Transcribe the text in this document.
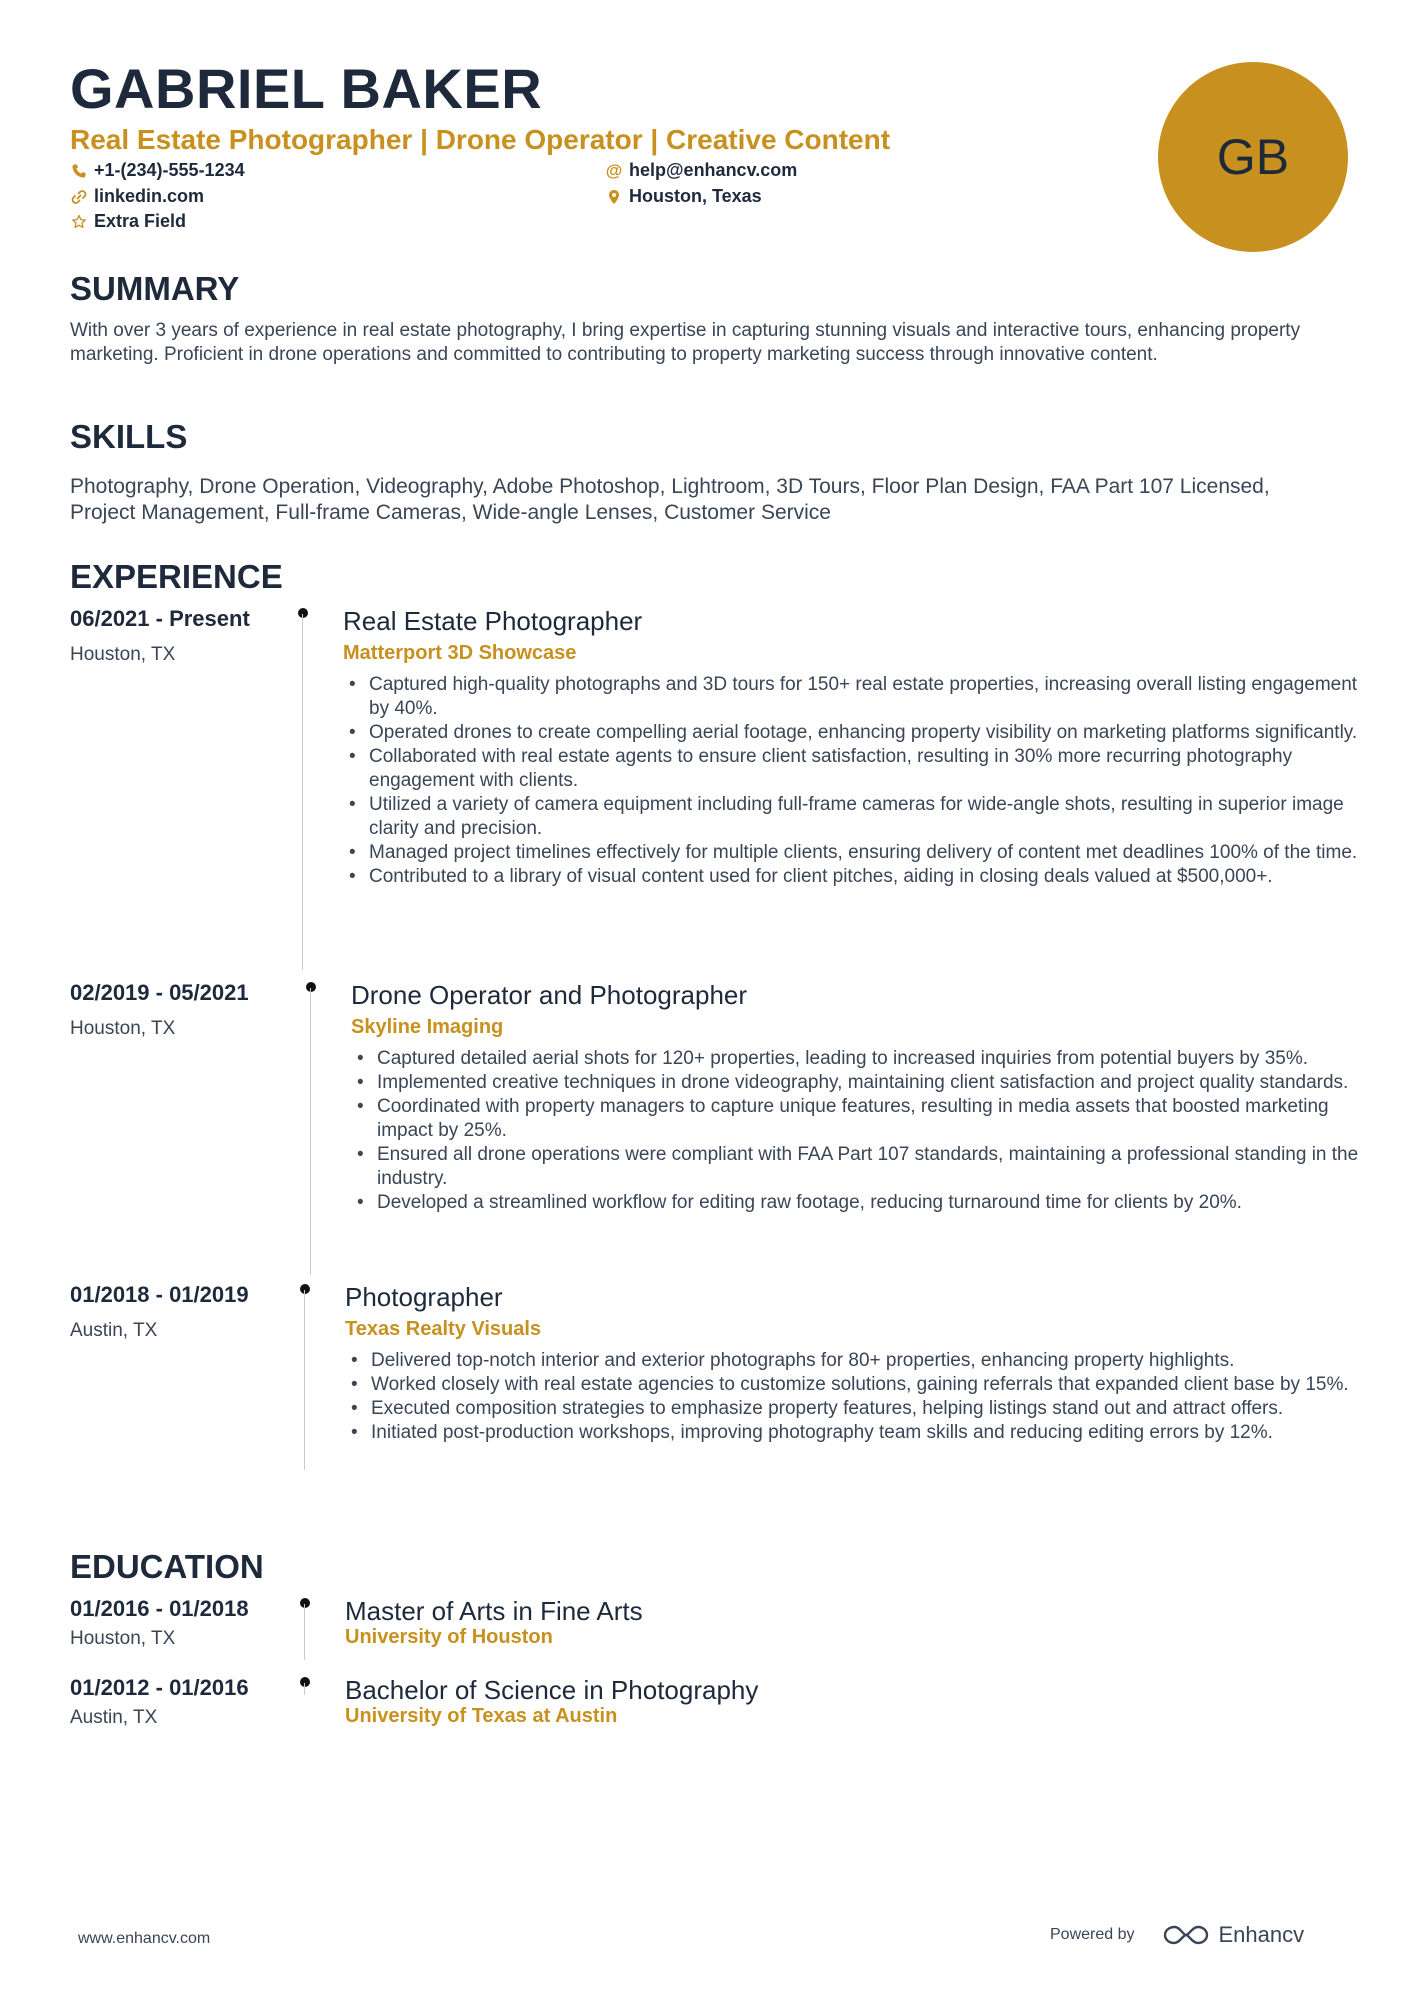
GABRIEL BAKER
Real Estate Photographer | Drone Operator | Creative Content
+1-(234)-555-1234
linkedin.com
Extra Field
@ help@enhancv.com
Houston, Texas
GB
SUMMARY
With over 3 years of experience in real estate photography, I bring expertise in capturing stunning visuals and interactive tours, enhancing property marketing. Proficient in drone operations and committed to contributing to property marketing success through innovative content.
SKILLS
Photography, Drone Operation, Videography, Adobe Photoshop, Lightroom, 3D Tours, Floor Plan Design, FAA Part 107 Licensed, Project Management, Full-frame Cameras, Wide-angle Lenses, Customer Service
EXPERIENCE
06/2021 - Present
Houston, TX
Real Estate Photographer
Matterport 3D Showcase
• Captured high-quality photographs and 3D tours for 150+ real estate properties, increasing overall listing engagement by 40%.
• Operated drones to create compelling aerial footage, enhancing property visibility on marketing platforms significantly.
• Collaborated with real estate agents to ensure client satisfaction, resulting in 30% more recurring photography engagement with clients.
• Utilized a variety of camera equipment including full-frame cameras for wide-angle shots, resulting in superior image clarity and precision.
• Managed project timelines effectively for multiple clients, ensuring delivery of content met deadlines 100% of the time.
• Contributed to a library of visual content used for client pitches, aiding in closing deals valued at $500,000+.
02/2019 - 05/2021
Houston, TX
Drone Operator and Photographer
Skyline Imaging
• Captured detailed aerial shots for 120+ properties, leading to increased inquiries from potential buyers by 35%.
• Implemented creative techniques in drone videography, maintaining client satisfaction and project quality standards.
• Coordinated with property managers to capture unique features, resulting in media assets that boosted marketing impact by 25%.
• Ensured all drone operations were compliant with FAA Part 107 standards, maintaining a professional standing in the industry.
• Developed a streamlined workflow for editing raw footage, reducing turnaround time for clients by 20%.
01/2018 - 01/2019
Austin, TX
Photographer
Texas Realty Visuals
• Delivered top-notch interior and exterior photographs for 80+ properties, enhancing property highlights.
• Worked closely with real estate agencies to customize solutions, gaining referrals that expanded client base by 15%.
• Executed composition strategies to emphasize property features, helping listings stand out and attract offers.
• Initiated post-production workshops, improving photography team skills and reducing editing errors by 12%.
EDUCATION
01/2016 - 01/2018
Houston, TX
Master of Arts in Fine Arts
University of Houston
01/2012 - 01/2016
Austin, TX
Bachelor of Science in Photography
University of Texas at Austin
www.enhancv.com	Powered by	Enhancv
